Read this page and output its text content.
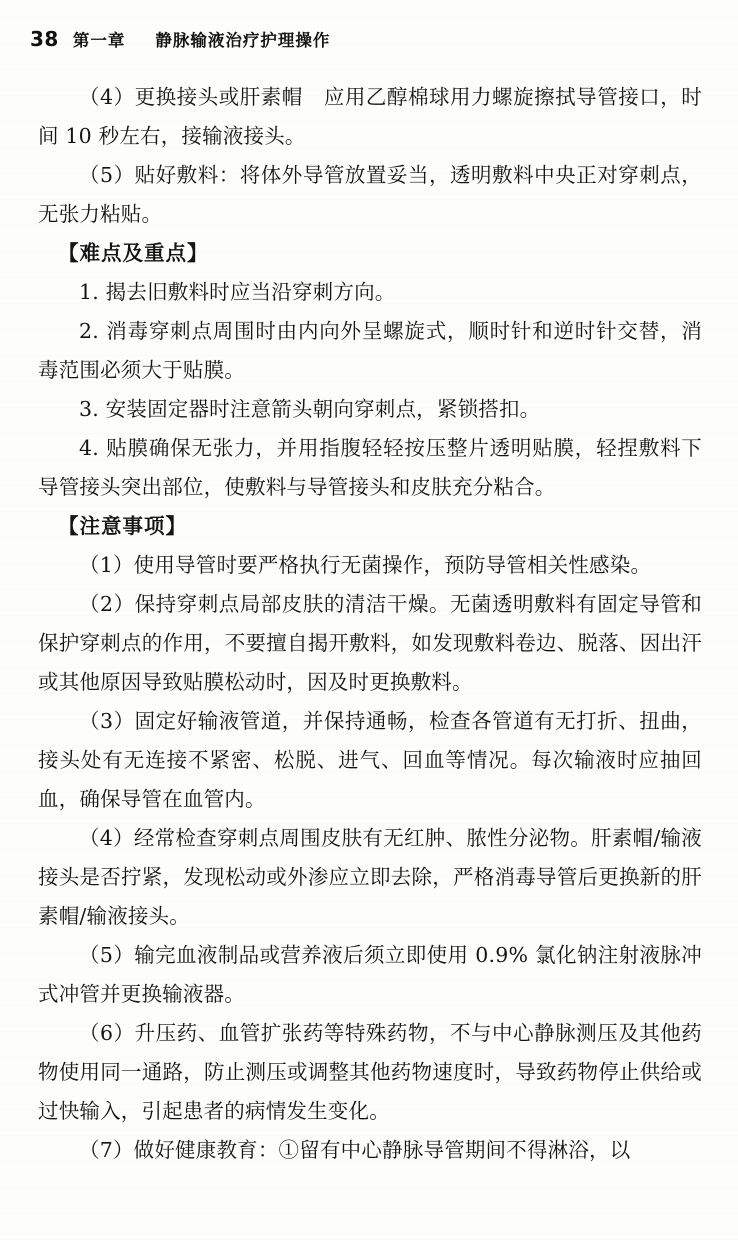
38 第一章 静脉输液治疗护理操作

（4）更换接头或肝素帽　应用乙醇棉球用力螺旋擦拭导管接口，时间 10 秒左右，接输液接头。

（5）贴好敷料：将体外导管放置妥当，透明敷料中央正对穿刺点，无张力粘贴。

【难点及重点】

1. 揭去旧敷料时应当沿穿刺方向。

2. 消毒穿刺点周围时由内向外呈螺旋式，顺时针和逆时针交替，消毒范围必须大于贴膜。

3. 安装固定器时注意箭头朝向穿刺点，紧锁搭扣。

4. 贴膜确保无张力，并用指腹轻轻按压整片透明贴膜，轻捏敷料下导管接头突出部位，使敷料与导管接头和皮肤充分粘合。

【注意事项】

（1）使用导管时要严格执行无菌操作，预防导管相关性感染。

（2）保持穿刺点局部皮肤的清洁干燥。无菌透明敷料有固定导管和保护穿刺点的作用，不要擅自揭开敷料，如发现敷料卷边、脱落、因出汗或其他原因导致贴膜松动时，因及时更换敷料。

（3）固定好输液管道，并保持通畅，检查各管道有无打折、扭曲，接头处有无连接不紧密、松脱、进气、回血等情况。每次输液时应抽回血，确保导管在血管内。

（4）经常检查穿刺点周围皮肤有无红肿、脓性分泌物。肝素帽/输液接头是否拧紧，发现松动或外渗应立即去除，严格消毒导管后更换新的肝素帽/输液接头。

（5）输完血液制品或营养液后须立即使用 0.9% 氯化钠注射液脉冲式冲管并更换输液器。

（6）升压药、血管扩张药等特殊药物，不与中心静脉测压及其他药物使用同一通路，防止测压或调整其他药物速度时，导致药物停止供给或过快输入，引起患者的病情发生变化。

（7）做好健康教育：①留有中心静脉导管期间不得淋浴，以
